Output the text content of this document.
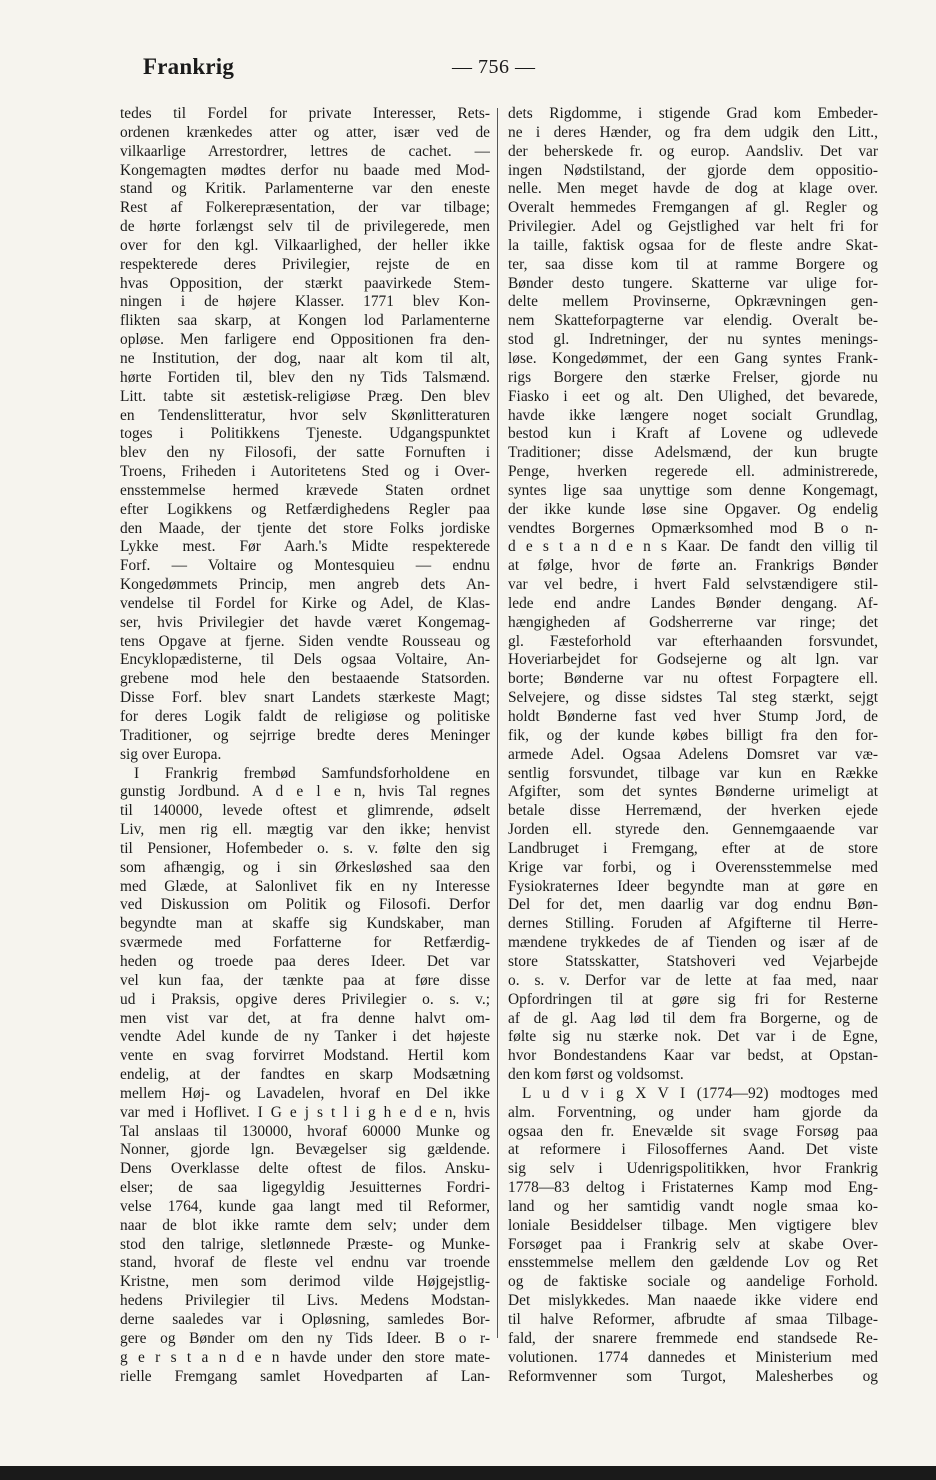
Frankrig	— 756 —
tedes til Fordel for private Interesser, Rets-
ordenen krænkedes atter og atter, især ved de
vilkaarlige Arrestordrer, lettres de cachet. —
Kongemagten mødtes derfor nu baade med Mod-
stand og Kritik. Parlamenterne var den eneste
Rest af Folkerepræsentation, der var tilbage;
de hørte forlængst selv til de privilegerede, men
over for den kgl. Vilkaarlighed, der heller ikke
respekterede deres Privilegier, rejste de en
hvas Opposition, der stærkt paavirkede Stem-
ningen i de højere Klasser. 1771 blev Kon-
flikten saa skarp, at Kongen lod Parlamenterne
opløse. Men farligere end Oppositionen fra den-
ne Institution, der dog, naar alt kom til alt,
hørte Fortiden til, blev den ny Tids Talsmænd.
Litt. tabte sit æstetisk-religiøse Præg. Den blev
en Tendenslitteratur, hvor selv Skønlitteraturen
toges i Politikkens Tjeneste. Udgangspunktet
blev den ny Filosofi, der satte Fornuften i
Troens, Friheden i Autoritetens Sted og i Over-
ensstemmelse hermed krævede Staten ordnet
efter Logikkens og Retfærdighedens Regler paa
den Maade, der tjente det store Folks jordiske
Lykke mest. Før Aarh.'s Midte respekterede
Forf. — Voltaire og Montesquieu — endnu
Kongedømmets Princip, men angreb dets An-
vendelse til Fordel for Kirke og Adel, de Klas-
ser, hvis Privilegier det havde været Kongemag-
tens Opgave at fjerne. Siden vendte Rousseau og
Encyklopædisterne, til Dels ogsaa Voltaire, An-
grebene mod hele den bestaaende Statsorden.
Disse Forf. blev snart Landets stærkeste Magt;
for deres Logik faldt de religiøse og politiske
Traditioner, og sejrrige bredte deres Meninger
sig over Europa.
I Frankrig frembød Samfundsforholdene en
gunstig Jordbund. A d e l e n, hvis Tal regnes
til 140000, levede oftest et glimrende, ødselt
Liv, men rig ell. mægtig var den ikke; henvist
til Pensioner, Hofembeder o. s. v. følte den sig
som afhængig, og i sin Ørkesløshed saa den
med Glæde, at Salonlivet fik en ny Interesse
ved Diskussion om Politik og Filosofi. Derfor
begyndte man at skaffe sig Kundskaber, man
sværmede med Forfatterne for Retfærdig-
heden og troede paa deres Ideer. Det var
vel kun faa, der tænkte paa at føre disse
ud i Praksis, opgive deres Privilegier o. s. v.;
men vist var det, at fra denne halvt om-
vendte Adel kunde de ny Tanker i det højeste
vente en svag forvirret Modstand. Hertil kom
endelig, at der fandtes en skarp Modsætning
mellem Høj- og Lavadelen, hvoraf en Del ikke
var med i Hoflivet. I G e j s t l i g h e d e n, hvis
Tal anslaas til 130000, hvoraf 60000 Munke og
Nonner, gjorde lgn. Bevægelser sig gældende.
Dens Overklasse delte oftest de filos. Ansku-
elser; de saa ligegyldig Jesuitternes Fordri-
velse 1764, kunde gaa langt med til Reformer,
naar de blot ikke ramte dem selv; under dem
stod den talrige, sletlønnede Præste- og Munke-
stand, hvoraf de fleste vel endnu var troende
Kristne, men som derimod vilde Højgejstlig-
hedens Privilegier til Livs. Medens Modstan-
derne saaledes var i Opløsning, samledes Bor-
gere og Bønder om den ny Tids Ideer. B o r-
g e r s t a n d e n havde under den store mate-
rielle Fremgang samlet Hovedparten af Lan-
dets Rigdomme, i stigende Grad kom Embeder-
ne i deres Hænder, og fra dem udgik den Litt.,
der beherskede fr. og europ. Aandsliv. Det var
ingen Nødstilstand, der gjorde dem oppositio-
nelle. Men meget havde de dog at klage over.
Overalt hemmedes Fremgangen af gl. Regler og
Privilegier. Adel og Gejstlighed var helt fri for
la taille, faktisk ogsaa for de fleste andre Skat-
ter, saa disse kom til at ramme Borgere og
Bønder desto tungere. Skatterne var ulige for-
delte mellem Provinserne, Opkrævningen gen-
nem Skatteforpagterne var elendig. Overalt be-
stod gl. Indretninger, der nu syntes menings-
løse. Kongedømmet, der een Gang syntes Frank-
rigs Borgere den stærke Frelser, gjorde nu
Fiasko i eet og alt. Den Ulighed, det bevarede,
havde ikke længere noget socialt Grundlag,
bestod kun i Kraft af Lovene og udlevede
Traditioner; disse Adelsmænd, der kun brugte
Penge, hverken regerede ell. administrerede,
syntes lige saa unyttige som denne Kongemagt,
der ikke kunde løse sine Opgaver. Og endelig
vendtes Borgernes Opmærksomhed mod B o n-
d e s t a n d e n s Kaar. De fandt den villig til
at følge, hvor de førte an. Frankrigs Bønder
var vel bedre, i hvert Fald selvstændigere stil-
lede end andre Landes Bønder dengang. Af-
hængigheden af Godsherrerne var ringe; det
gl. Fæsteforhold var efterhaanden forsvundet,
Hoveriarbejdet for Godsejerne og alt lgn. var
borte; Bønderne var nu oftest Forpagtere ell.
Selvejere, og disse sidstes Tal steg stærkt, sejgt
holdt Bønderne fast ved hver Stump Jord, de
fik, og der kunde købes billigt fra den for-
armede Adel. Ogsaa Adelens Domsret var væ-
sentlig forsvundet, tilbage var kun en Række
Afgifter, som det syntes Bønderne urimeligt at
betale disse Herremænd, der hverken ejede
Jorden ell. styrede den. Gennemgaaende var
Landbruget i Fremgang, efter at de store
Krige var forbi, og i Overensstemmelse med
Fysiokraternes Ideer begyndte man at gøre en
Del for det, men daarlig var dog endnu Bøn-
dernes Stilling. Foruden af Afgifterne til Herre-
mændene trykkedes de af Tienden og især af de
store Statsskatter, Statshoveri ved Vejarbejde
o. s. v. Derfor var de lette at faa med, naar
Opfordringen til at gøre sig fri for Resterne
af de gl. Aag lød til dem fra Borgerne, og de
følte sig nu stærke nok. Det var i de Egne,
hvor Bondestandens Kaar var bedst, at Opstan-
den kom først og voldsomst.
L u d v i g X V I (1774—92) modtoges med
alm. Forventning, og under ham gjorde da
ogsaa den fr. Enevælde sit svage Forsøg paa
at reformere i Filosoffernes Aand. Det viste
sig selv i Udenrigspolitikken, hvor Frankrig
1778—83 deltog i Fristaternes Kamp mod Eng-
land og her samtidig vandt nogle smaa ko-
loniale Besiddelser tilbage. Men vigtigere blev
Forsøget paa i Frankrig selv at skabe Over-
ensstemmelse mellem den gældende Lov og Ret
og de faktiske sociale og aandelige Forhold.
Det mislykkedes. Man naaede ikke videre end
til halve Reformer, afbrudte af smaa Tilbage-
fald, der snarere fremmede end standsede Re-
volutionen. 1774 dannedes et Ministerium med
Reformvenner som Turgot, Malesherbes og
